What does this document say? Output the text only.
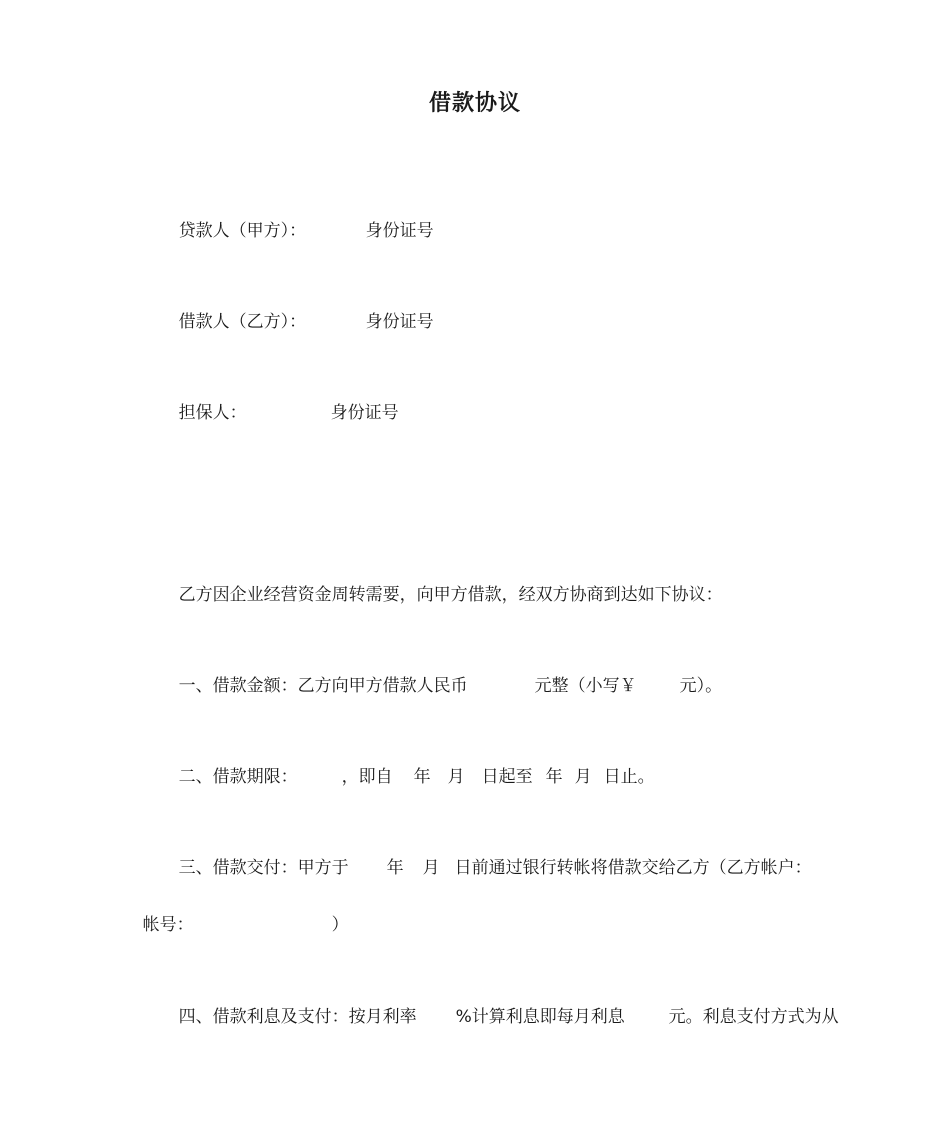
借款协议

贷款人（甲方）：
	身份证号

借款人（乙方）：
	身份证号

担保人：
	身份证号

乙方因企业经营资金周转需要，向甲方借款，经双方协商到达如下协议：

一、借款金额：乙方向甲方借款人民币
	元整（小写￥
	元）。

二、借款期限：
	，即自
	年
	月
	日起至
年
月
日止。

三、借款交付：甲方于
	年
	月
日前通过银行转帐将借款交给乙方（乙方帐户：

帐号：
	）

四、借款利息及支付：按月利率
	%计算利息即每月利息
	元。利息支付方式为从
